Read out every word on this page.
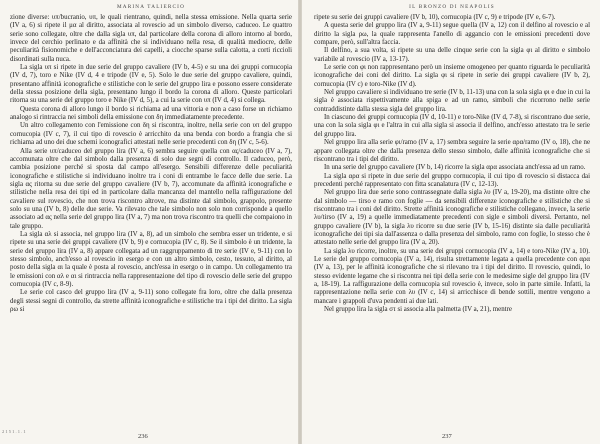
MARINA TALIERCIO

zione diverse: υπ/bucranio, υπ, le quali rientrano, quindi, nella stessa emissione. Nella quarta serie (IV a, 6) si ripete il μα al diritto, associata al rovescio ad un simbolo diverso, caduceo. Le quattro serie sono collegate, oltre che dalla sigla υπ, dal particolare della corona di alloro intorno al bordo, invece del cerchio perlinato e da affinità che si individuano nella resa, di qualità mediocre, delle peculiarità fisionomiche e dell'acconciatura dei capelli, a ciocche sparse sulla calotta, a corti riccioli disordinati sulla nuca.

La sigla υπ si ripete in due serie del gruppo cavaliere (IV b, 4-5) e su una dei gruppi cornucopia (IV d, 7), toro e Nike (IV d, 4 e tripode (IV e, 5). Solo le due serie del gruppo cavaliere, quindi, presentano affinità iconografiche e stilistiche con le serie del gruppo lira e possono essere considerate della stessa posizione della sigla, presentano lungo il bordo la corona di alloro. Queste particolari ritorna su una serie del gruppo toro e Nike (IV d, 5), a cui la serie con υπ (IV d, 4) si collega.

Questa corona di alloro lungo il bordo si richiama ad una vittoria e non a caso forse un richiamo analogo si rintraccia nei simboli della emissione con δη immediatamente precedente.

Un altro collegamento con l'emissione con δη si riscontra, inoltre, nella serie con υπ del gruppo cornucopia (IV c, 7), il cui tipo di rovescio è arricchito da una benda con bordo a frangia che si richiama ad uno dei due schemi iconografici attestati nelle serie precedenti con δη (IV c, 5-6).

Alla serie υπ/caduceo del gruppo lira (IV a, 6) sembra seguire quella con ας/caduceo (IV a, 7), accomunata oltre che dal simbolo dalla presenza di solo due segni di controllo. Il caduceo, però, cambia posizione perché si sposta dal campo all'esergo. Sensibili differenze delle peculiarità iconografiche e stilistiche si individuano inoltre tra i coni di entrambe le facce delle due serie. La sigla ας ritorna su due serie del gruppo cavaliere (IV b, 7), accomunate da affinità iconografiche e stilistiche nella resa dei tipi ed in particolare dalla mancanza del mantello nella raffigurazione del cavaliere sul rovescio, che non trova riscontro altrove, ma distinte dal simbolo, grappolo, presente solo su una (IV b, 8) delle due serie. Va rilevato che tale simbolo non solo non corrisponde a quello associato ad ας nella serie del gruppo lira (IV a, 7) ma non trova riscontro tra quelli che compaiono in tale gruppo.

La sigla αλ si associa, nel gruppo lira (IV a, 8), ad un simbolo che sembra esser un tridente, e si ripete su una serie dei gruppi cavaliere (IV b, 9) e cornucopia (IV c, 8). Se il simbolo è un tridente, la serie del gruppo lira (IV a, 8) appare collegata ad un raggruppamento di tre serie (IV e, 9-11) con lo stesso simbolo, anch'esso al rovescio in esergo e con un altro simbolo, cesto, tessuto, al diritto, al posto della sigla αι la quale è posta al rovescio, anch'essa in esergo o in campo. Un collegamento tra le emissioni con αλ e αι si rintraccia nella rappresentazione del tipo di rovescio delle serie del gruppo cornucopia (IV c, 8-9).

Le serie col casco del gruppo lira (IV a, 9-11) sono collegate fra loro, oltre che dalla presenza degli stessi segni di controllo, da strette affinità iconografiche e stilistiche tra i tipi del diritto. La sigla ρω si

2 1 5 1 . 1 . 1
236
IL BRONZO DI NEAPOLIS

ripete su serie dei gruppi cavaliere (IV b, 10), cornucopia (IV c, 9) e tripode (IV e, 6-7).

A questa serie del gruppo lira (IV a, 9-11) segue quella (IV a, 12) con il delfino al rovescio e al diritto la sigla ρω, la quale rappresenta l'anello di aggancio con le emissioni precedenti dove compare, però, sull'altra faccia.

Il delfino, a sua volta, si ripete su una delle cinque serie con la sigla φι al diritto e simbolo variabile al rovescio (IV a, 13-17).

Le serie con φι non rappresentano però un insieme omogeneo per quanto riguarda le peculiarità iconografiche dei coni del diritto. La sigla φι si ripete in serie dei gruppi cavaliere (IV b, 2), cornucopia (IV c) e toro-Nike (IV d).

Nel gruppo cavaliere si individuano tre serie (IV b, 11-13) una con la sola sigla φι e due in cui la sigla è associata rispettivamente alla spiga e ad un ramo, simboli che ricorrono nelle serie contraddistinte dalla stessa sigla del gruppo lira.

In ciascuno dei gruppi cornucopia (IV d, 10-11) e toro-Nike (IV d, 7-8), si riscontrano due serie, una con la sola sigla φι e l'altra in cui alla sigla si associa il delfino, anch'esso attestato tra le serie del gruppo lira.

Nel gruppo lira alla serie φι/ramo (IV a, 17) sembra seguire la serie αρα/ramo (IV o, 18), che ne appare collegata oltre che dalla presenza dello stesso simbolo, dalle affinità iconografiche che si riscontrano tra i tipi del diritto.

In una serie del gruppo cavaliere (IV b, 14) ricorre la sigla αρα associata anch'essa ad un ramo.

La sigla αρα si ripete in due serie del gruppo cornucopia, il cui tipo di rovescio si distacca dai precedenti perché rappresentato con fitta scanalatura (IV c, 12-13).

Nel gruppo lira due serie sono contrassegnate dalla sigla λυ (IV a, 19-20), ma distinte oltre che dal simbolo — tirso e ramo con foglie — da sensibili differenze iconografiche e stilistiche che si riscontrano tra i coni del diritto. Strette affinità iconografiche e stilistiche collegano, invece, la serie λυ/tirso (IV a, 19) a quelle immediatamente precedenti con sigle e simboli diversi. Pertanto, nel gruppo cavaliere (IV b), la sigla λυ ricorre su due serie (IV b, 15-16) distinte sia dalle peculiarità iconografiche dei tipi sia dall'assenza o dalla presenza del simbolo, ramo con foglie, lo stesso che è attestato nelle serie del gruppo lira (IV a, 20).

La sigla λυ ricorre, inoltre, su una serie dei gruppi cornucopia (IV a, 14) e toro-Nike (IV a, 10). Le serie del gruppo cornucopia (IV a, 14), risulta strettamente legata a quella precedente con αρα (IV a, 13), per le affinità iconografiche che si rilevano tra i tipi del diritto. Il rovescio, quindi, lo stesso evidente legame che si riscontra nei tipi della serie con le medesime sigle del gruppo lira (IV a, 18-19). La raffigurazione della cornucopia sul rovescio è, invece, solo in parte simile. Infatti, la rappresentazione nella serie con λυ (IV c, 14) si arricchisce di bende sottili, mentre vengono a mancare i grappoli d'uva pendenti ai due lati.

Nel gruppo lira la sigla στ si associa alla palmetta (IV a, 21), mentre

237
